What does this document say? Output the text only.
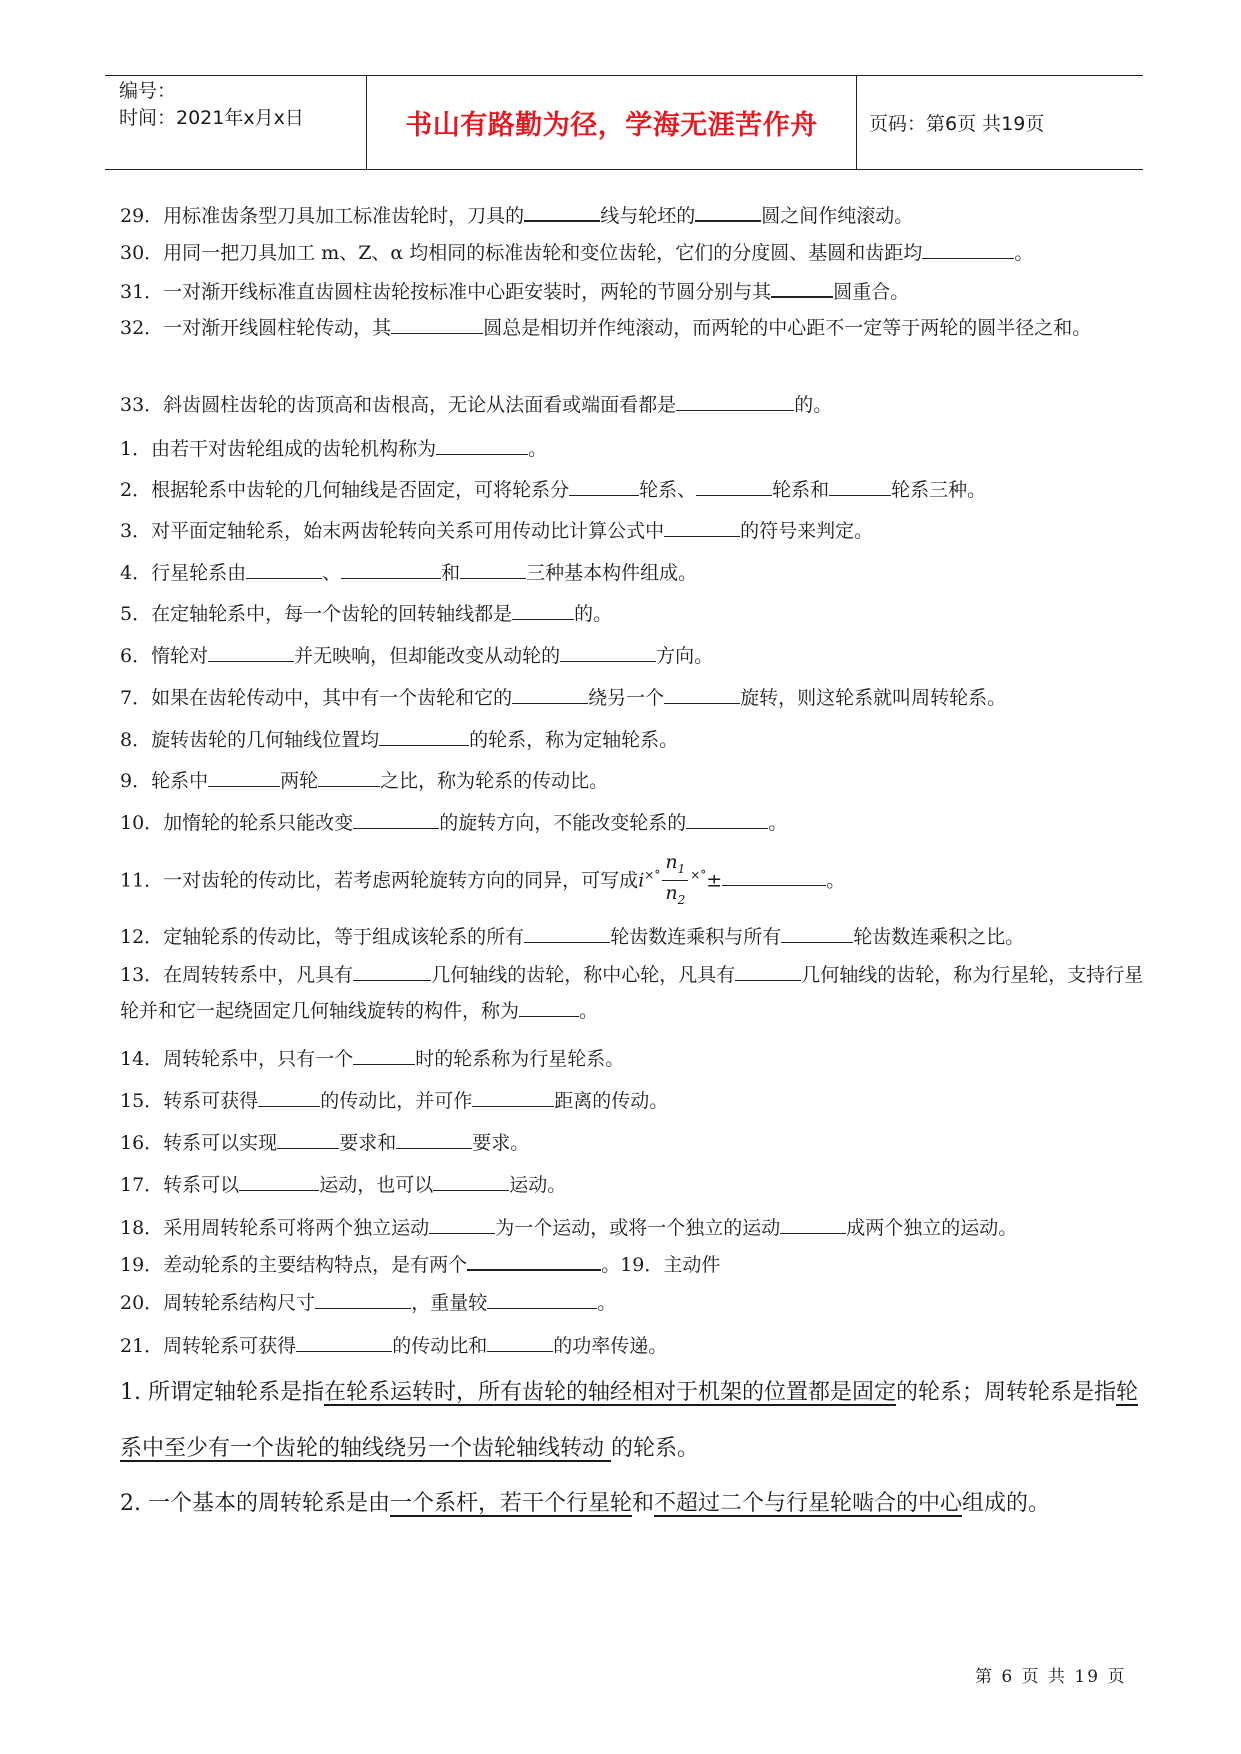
编号：
时间：2021年x月x日	书山有路勤为径，学海无涯苦作舟	页码：第6页 共19页
29．用标准齿条型刀具加工标准齿轮时，刀具的	线与轮坯的	圆之间作纯滚动。
30．用同一把刀具加工 m、Z、α 均相同的标准齿轮和变位齿轮，它们的分度圆、基圆和齿距均	。
31．一对渐开线标准直齿圆柱齿轮按标准中心距安装时，两轮的节圆分别与其	圆重合。
32．一对渐开线圆柱轮传动，其	圆总是相切并作纯滚动，而两轮的中心距不一定等于两轮的圆半径之和。
33．斜齿圆柱齿轮的齿顶高和齿根高，无论从法面看或端面看都是	的。
1．由若干对齿轮组成的齿轮机构称为	。
2．根据轮系中齿轮的几何轴线是否固定，可将轮系分	轮系、	轮系和	轮系三种。
3．对平面定轴轮系，始末两齿轮转向关系可用传动比计算公式中	的符号来判定。
4．行星轮系由	、	和	三种基本构件组成。
5．在定轴轮系中，每一个齿轮的回转轴线都是	的。
6．惰轮对	并无映响，但却能改变从动轮的	方向。
7．如果在齿轮传动中，其中有一个齿轮和它的	绕另一个	旋转，则这轮系就叫周转轮系。
8．旋转齿轮的几何轴线位置均	的轮系，称为定轴轮系。
9．轮系中	两轮	之比，称为轮系的传动比。
10．加惰轮的轮系只能改变	的旋转方向，不能改变轮系的	。
11．一对齿轮的传动比，若考虑两轮旋转方向的同异，可写成$i^{\times^\circ} \frac{n_1}{n_2} ^{\times^\circ}\pm$	。
12．定轴轮系的传动比，等于组成该轮系的所有	轮齿数连乘积与所有	轮齿数连乘积之比。
13．在周转转系中，凡具有	几何轴线的齿轮，称中心轮，凡具有	几何轴线的齿轮，称为行星轮，支持行星轮并和它一起绕固定几何轴线旋转的构件，称为	。
14．周转轮系中，只有一个	时的轮系称为行星轮系。
15．转系可获得	的传动比，并可作	距离的传动。
16．转系可以实现	要求和	要求。
17．转系可以	运动，也可以	运动。
18．采用周转轮系可将两个独立运动	为一个运动，或将一个独立的运动	成两个独立的运动。
19．差动轮系的主要结构特点，是有两个	。19．主动件
20．周转轮系结构尺寸	，重量较	。
21．周转轮系可获得	的传动比和	的功率传递。
1. 所谓定轴轮系是指在轮系运转时，所有齿轮的轴经相对于机架的位置都是固定的轮系；周转轮系是指轮系中至少有一个齿轮的轴线绕另一个齿轮轴线转动 的轮系。
2. 一个基本的周转轮系是由一个系杆，若干个行星轮和不超过二个与行星轮啮合的中心组成的。
第 6 页 共 19 页
